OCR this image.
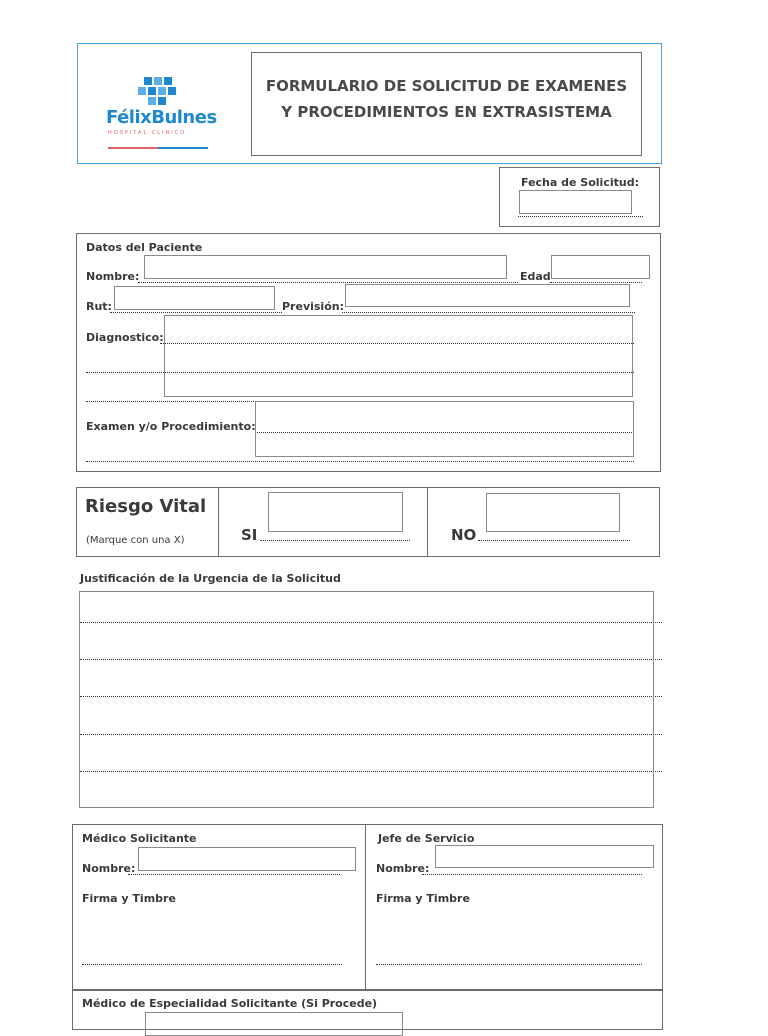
FélixBulnes
HOSPITAL CLINICO
FORMULARIO DE SOLICITUD DE EXAMENES
Y PROCEDIMIENTOS EN EXTRASISTEMA
Fecha de Solicitud:
Datos del Paciente
Nombre:	Edad
Rut:	Previsión:
Diagnostico:
Examen y/o Procedimiento:
Riesgo Vital
(Marque con una X)	SI	NO
Justificación de la Urgencia de la Solicitud
Médico Solicitante
Nombre:
Firma y Timbre
Jefe de Servicio
Nombre:
Firma y Timbre
Médico de Especialidad Solicitante (Si Procede)
